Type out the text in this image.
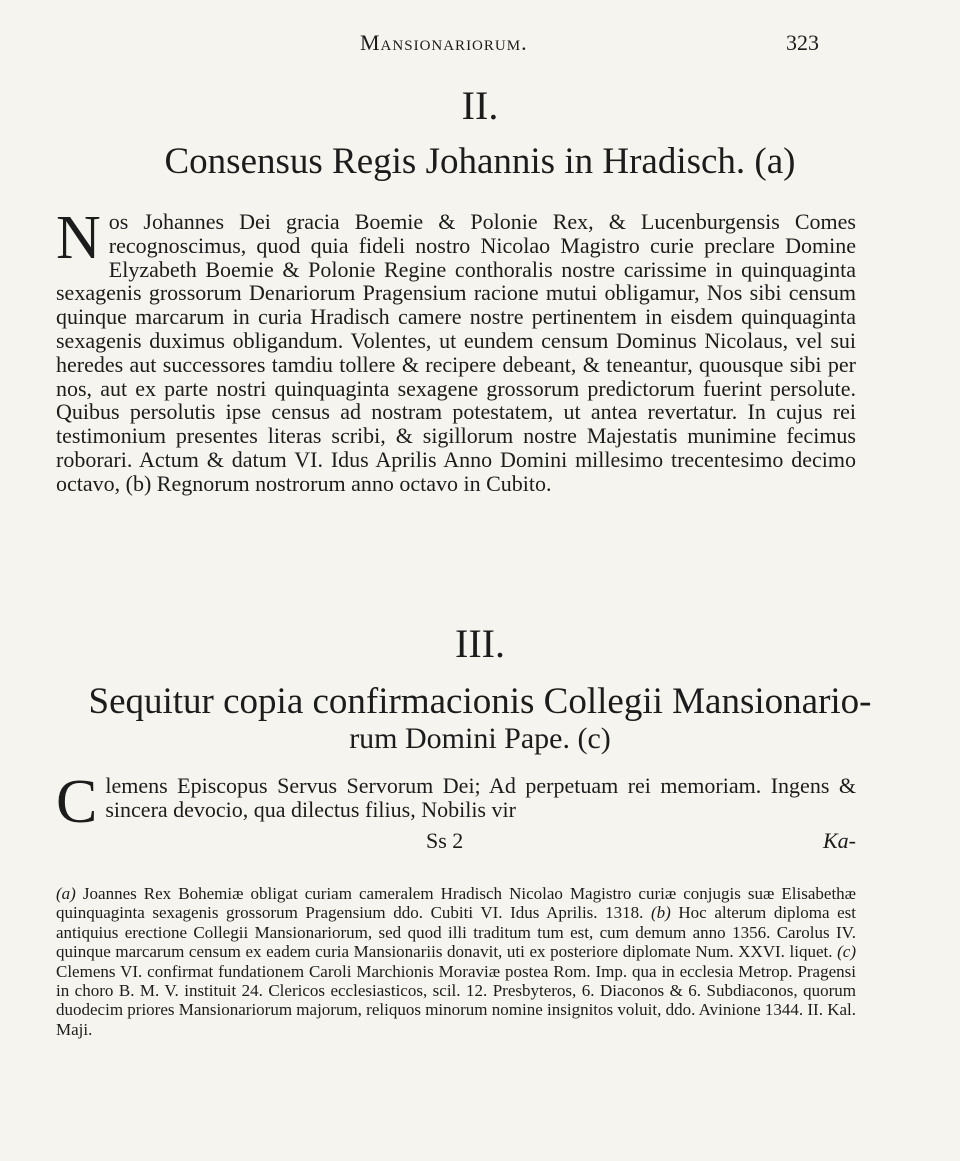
Mansionariorum.	323
II.
Consensus Regis Johannis in Hradisch. (a)
N os Johannes Dei gracia Boemie & Polonie Rex, & Lucenburgensis Comes recognoscimus, quod quia fideli nostro Nicolao Magistro curie preclare Domine Elyzabeth Boemie & Polonie Regine conthoralis nostre carissime in quinquaginta sexagenis grossorum Denariorum Pragensium racione mutui obligamur, Nos sibi censum quinque marcarum in curia Hradisch camere nostre pertinentem in eisdem quinquaginta sexagenis duximus obligandum. Volentes, ut eundem censum Dominus Nicolaus, vel sui heredes aut successores tamdiu tollere & recipere debeant, & teneantur, quousque sibi per nos, aut ex parte nostri quinquaginta sexagene grossorum predictorum fuerint persolute. Quibus persolutis ipse census ad nostram potestatem, ut antea revertatur. In cujus rei testimonium presentes literas scribi, & sigillorum nostre Majestatis munimine fecimus roborari. Actum & datum VI. Idus Aprilis Anno Domini millesimo trecentesimo decimo octavo, (b) Regnorum nostrorum anno octavo in Cubito.
III.
Sequitur copia confirmacionis Collegii Mansionario-
rum Domini Pape. (c)
C lemens Episcopus Servus Servorum Dei; Ad perpetuam rei memoriam. Ingens & sincera devocio, qua dilectus filius, Nobilis vir
Ss 2	Ka-
(a) Joannes Rex Bohemiæ obligat curiam cameralem Hradisch Nicolao Magistro curiæ conjugis suæ Elisabethæ quinquaginta sexagenis grossorum Pragensium ddo. Cubiti VI. Idus Aprilis. 1318. (b) Hoc alterum diploma est antiquius erectione Collegii Mansionariorum, sed quod illi traditum tum est, cum demum anno 1356. Carolus IV. quinque marcarum censum ex eadem curia Mansionariis donavit, uti ex posteriore diplomate Num. XXVI. liquet. (c) Clemens VI. confirmat fundationem Caroli Marchionis Moraviæ postea Rom. Imp. qua in ecclesia Metrop. Pragensi in choro B. M. V. instituit 24. Clericos ecclesiasticos, scil. 12. Presbyteros, 6. Diaconos & 6. Subdiaconos, quorum duodecim priores Mansionariorum majorum, reliquos minorum nomine insignitos voluit, ddo. Avinione 1344. II. Kal. Maji.
